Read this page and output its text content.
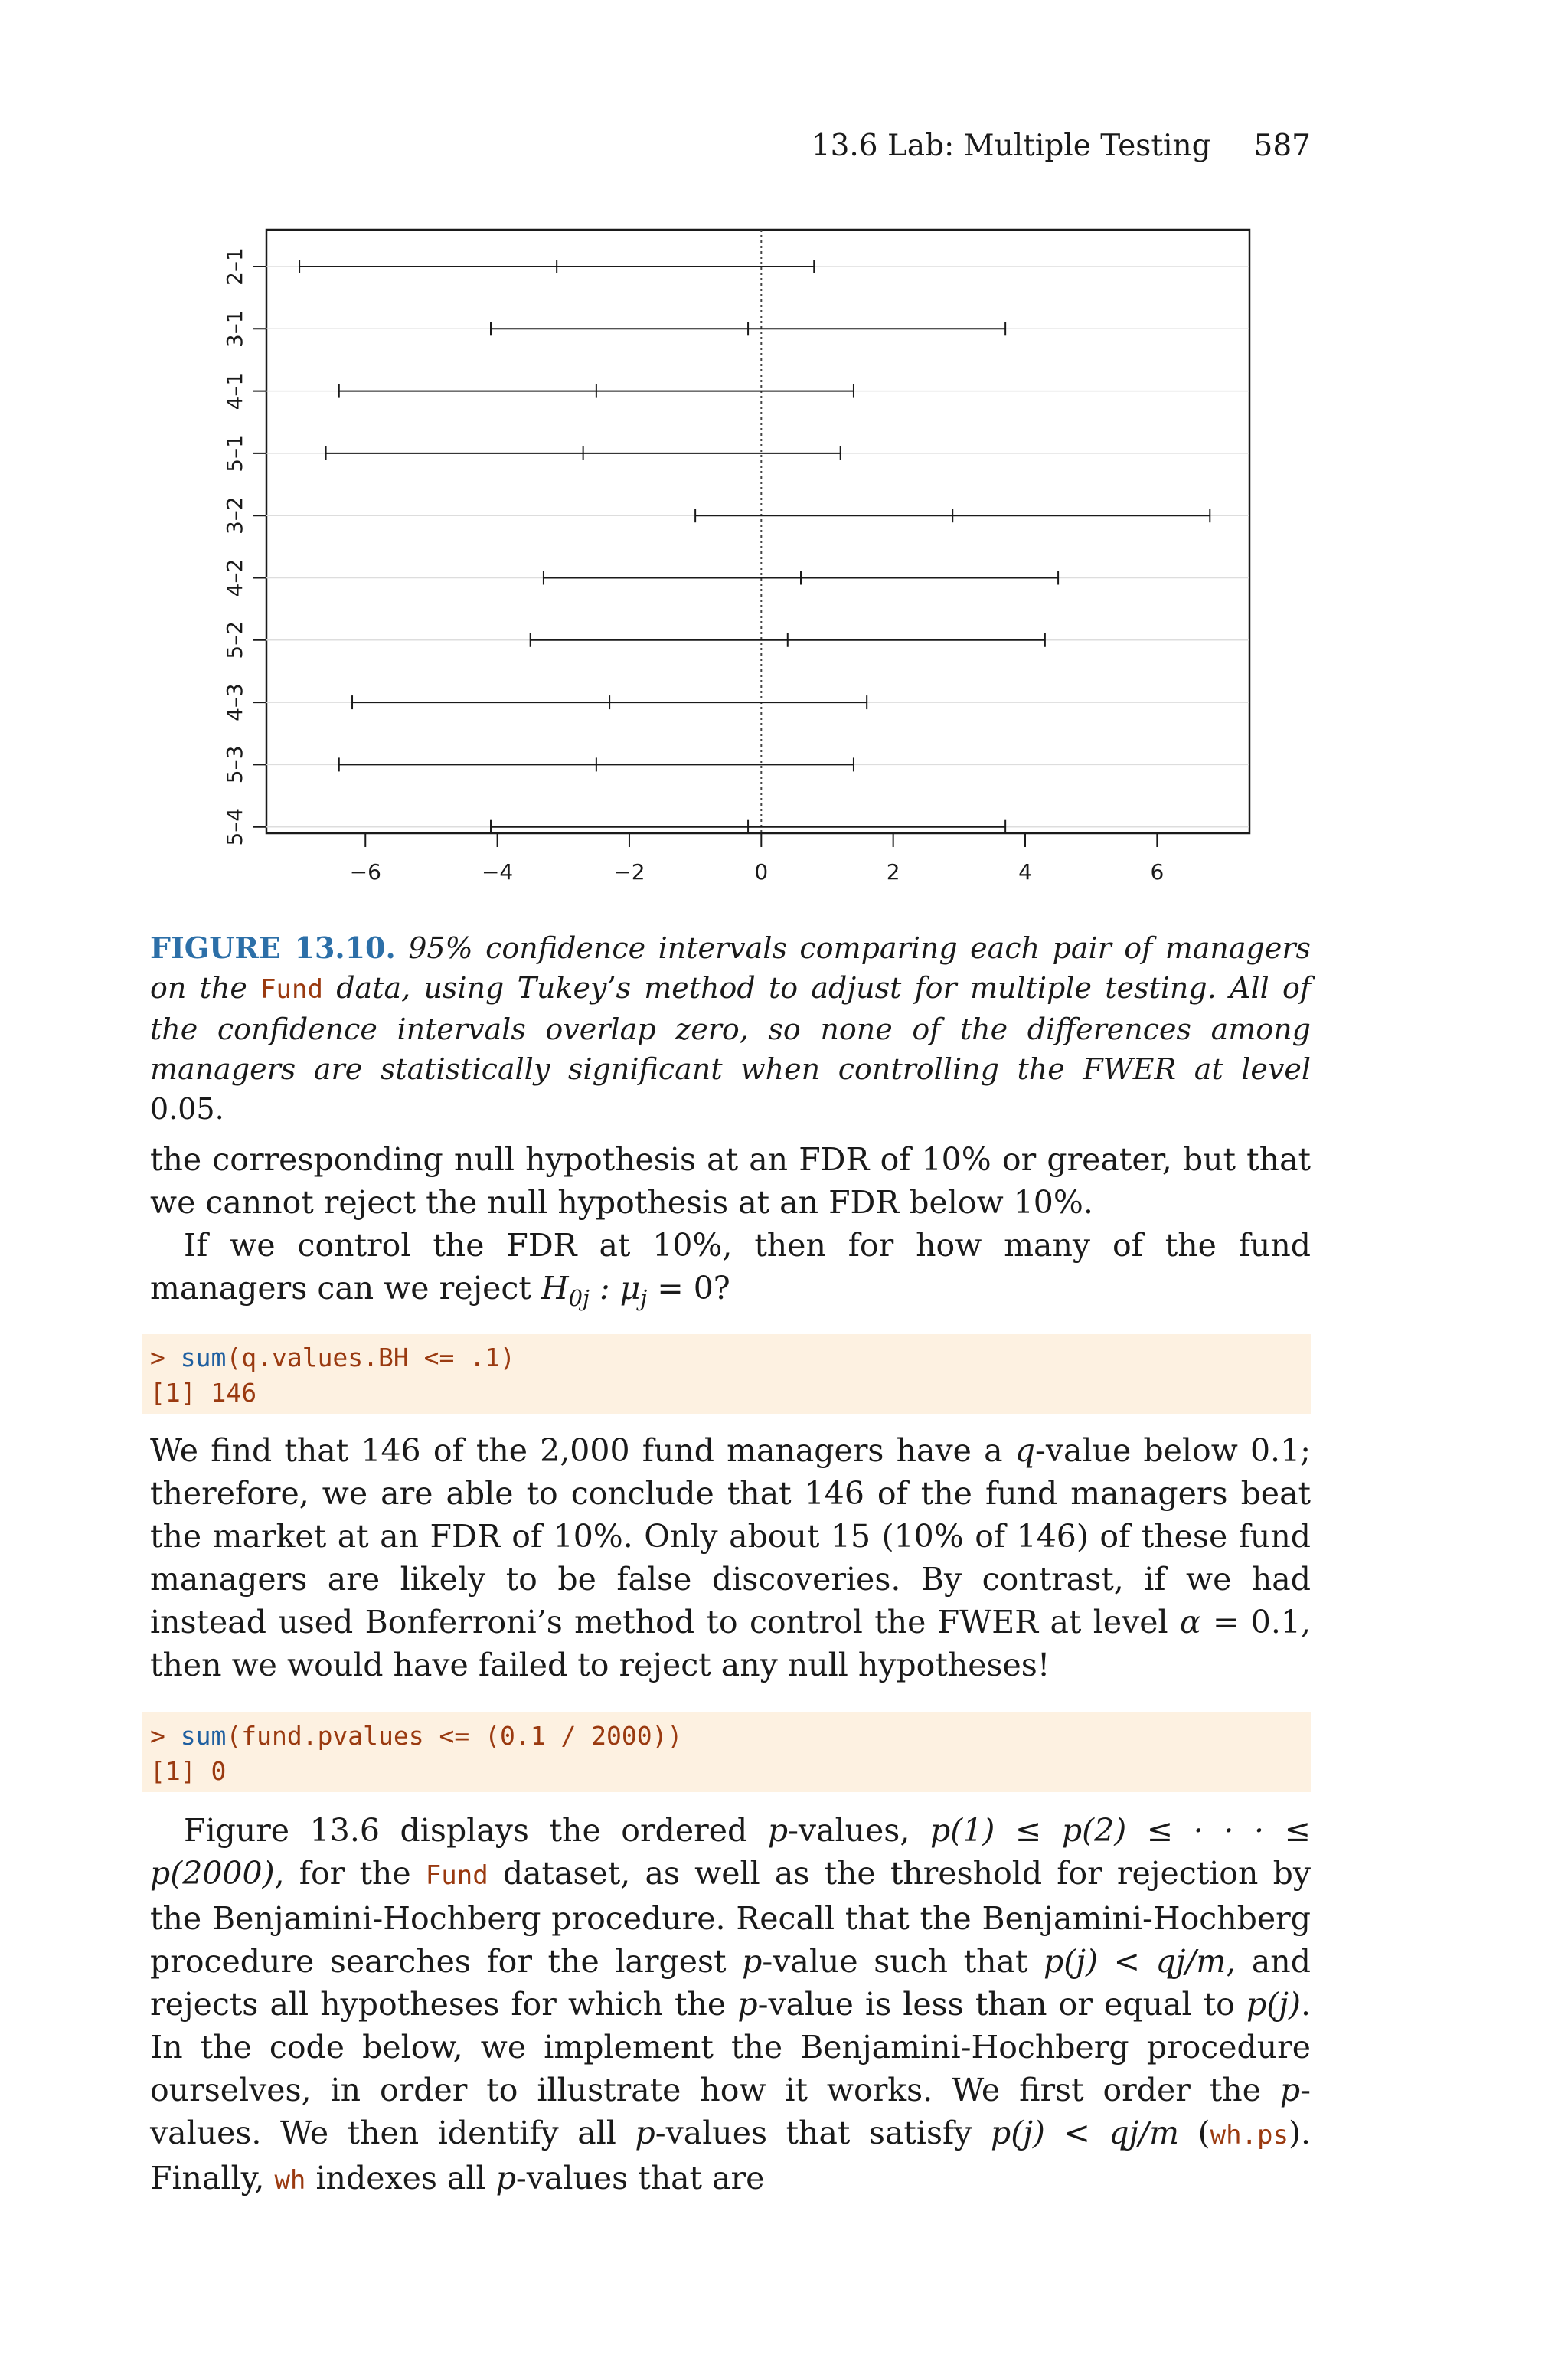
13.6 Lab: Multiple Testing 587
2–1
3–1
4–1
5–1
3–2
4–2
5–2
4–3
5–3
5–4
−6	−4	−2	0	2	4	6
FIGURE 13.10. 95% confidence intervals comparing each pair of managers on the Fund data, using Tukey’s method to adjust for multiple testing. All of the confidence intervals overlap zero, so none of the differences among managers are statistically significant when controlling the FWER at level 0.05.
the corresponding null hypothesis at an FDR of 10% or greater, but that we cannot reject the null hypothesis at an FDR below 10%.
If we control the FDR at 10%, then for how many of the fund managers can we reject $H_{0j}$ : $\mu_j = 0$?
> sum(q.values.BH <= .1)
[1] 146
We find that 146 of the 2,000 fund managers have a q-value below 0.1; therefore, we are able to conclude that 146 of the fund managers beat the market at an FDR of 10%. Only about 15 (10% of 146) of these fund managers are likely to be false discoveries. By contrast, if we had instead used Bonferroni’s method to control the FWER at level α = 0.1, then we would have failed to reject any null hypotheses!
> sum(fund.pvalues <= (0.1 / 2000))
[1] 0
Figure 13.6 displays the ordered p-values, p(1) ≤ p(2) ≤ · · · ≤ p(2000), for the Fund dataset, as well as the threshold for rejection by the Benjamini-Hochberg procedure. Recall that the Benjamini-Hochberg procedure searches for the largest p-value such that p(j) < qj/m, and rejects all hypotheses for which the p-value is less than or equal to p(j). In the code below, we implement the Benjamini-Hochberg procedure ourselves, in order to illustrate how it works. We first order the p-values. We then identify all p-values that satisfy p(j) < qj/m (wh.ps). Finally, wh indexes all p-values that are
